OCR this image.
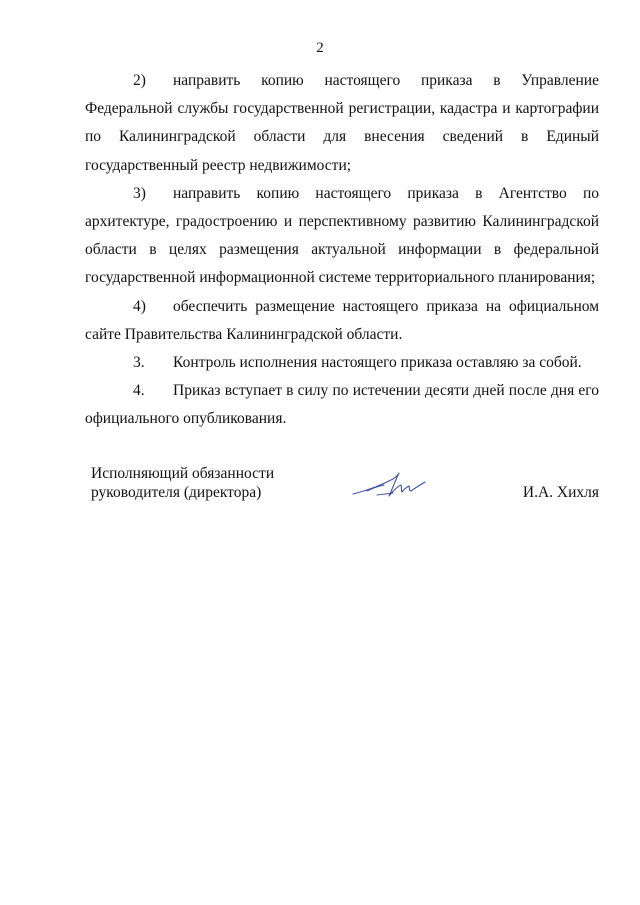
2

2) направить копию настоящего приказа в Управление Федеральной службы государственной регистрации, кадастра и картографии по Калининградской области для внесения сведений в Единый государственный реестр недвижимости;

3) направить копию настоящего приказа в Агентство по архитектуре, градостроению и перспективному развитию Калининградской области в целях размещения актуальной информации в федеральной государственной информационной системе территориального планирования;

4) обеспечить размещение настоящего приказа на официальном сайте Правительства Калининградской области.

3. Контроль исполнения настоящего приказа оставляю за собой.

4. Приказ вступает в силу по истечении десяти дней после дня его официального опубликования.

Исполняющий обязанности
руководителя (директора)	И.А. Хихля
